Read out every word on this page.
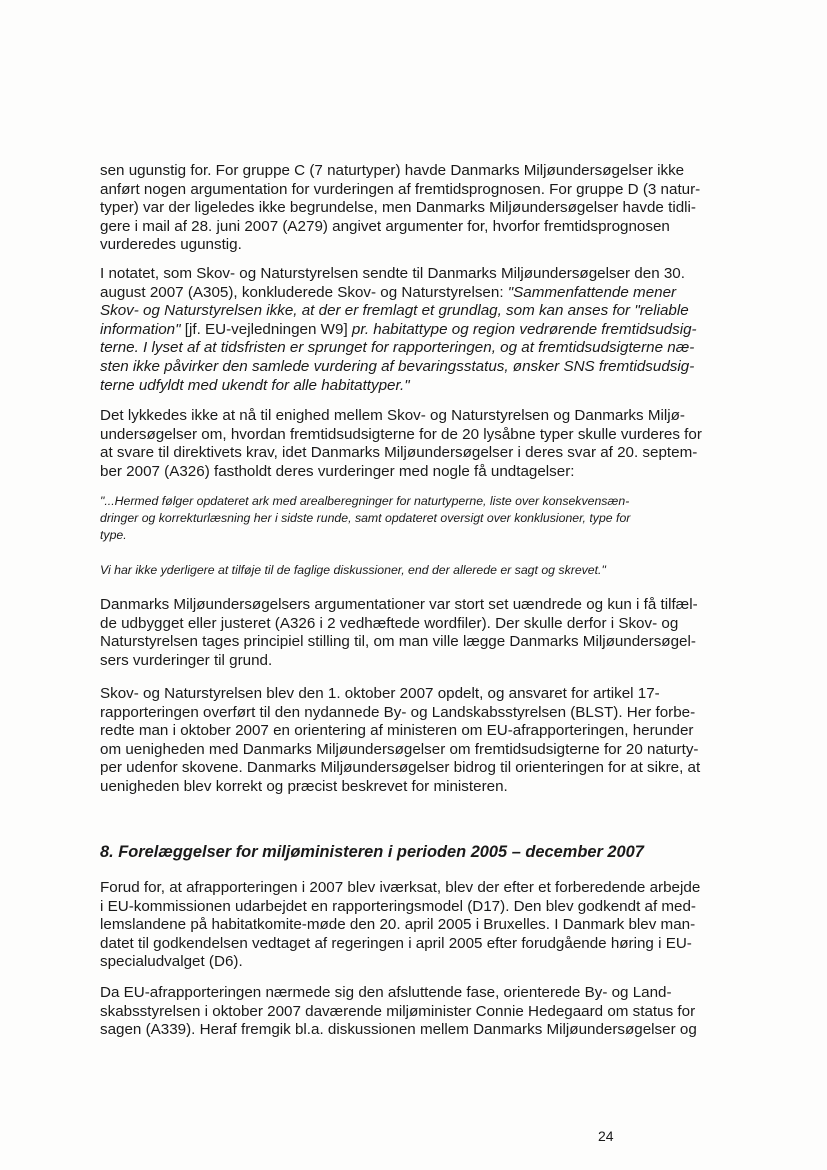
sen ugunstig for. For gruppe C (7 naturtyper) havde Danmarks Miljøundersøgelser ikke
anført nogen argumentation for vurderingen af fremtidsprognosen. For gruppe D (3 natur-
typer) var der ligeledes ikke begrundelse, men Danmarks Miljøundersøgelser havde tidli-
gere i mail af 28. juni 2007 (A279) angivet argumenter for, hvorfor fremtidsprognosen
vurderedes ugunstig.
I notatet, som Skov- og Naturstyrelsen sendte til Danmarks Miljøundersøgelser den 30.
august 2007 (A305), konkluderede Skov- og Naturstyrelsen: "Sammenfattende mener
Skov- og Naturstyrelsen ikke, at der er fremlagt et grundlag, som kan anses for "reliable
information" [jf. EU-vejledningen W9] pr. habitattype og region vedrørende fremtidsudsig-
terne. I lyset af at tidsfristen er sprunget for rapporteringen, og at fremtidsudsigterne næ-
sten ikke påvirker den samlede vurdering af bevaringsstatus, ønsker SNS fremtidsudsig-
terne udfyldt med ukendt for alle habitattyper."
Det lykkedes ikke at nå til enighed mellem Skov- og Naturstyrelsen og Danmarks Miljø-
undersøgelser om, hvordan fremtidsudsigterne for de 20 lysåbne typer skulle vurderes for
at svare til direktivets krav, idet Danmarks Miljøundersøgelser i deres svar af 20. septem-
ber 2007 (A326) fastholdt deres vurderinger med nogle få undtagelser:
"...Hermed følger opdateret ark med arealberegninger for naturtyperne, liste over konsekvensæn-
dringer og korrekturlæsning her i sidste runde, samt opdateret oversigt over konklusioner, type for
type.
Vi har ikke yderligere at tilføje til de faglige diskussioner, end der allerede er sagt og skrevet."
Danmarks Miljøundersøgelsers argumentationer var stort set uændrede og kun i få tilfæl-
de udbygget eller justeret (A326 i 2 vedhæftede wordfiler). Der skulle derfor i Skov- og
Naturstyrelsen tages principiel stilling til, om man ville lægge Danmarks Miljøundersøgel-
sers vurderinger til grund.
Skov- og Naturstyrelsen blev den 1. oktober 2007 opdelt, og ansvaret for artikel 17-
rapporteringen overført til den nydannede By- og Landskabsstyrelsen (BLST). Her forbe-
redte man i oktober 2007 en orientering af ministeren om EU-afrapporteringen, herunder
om uenigheden med Danmarks Miljøundersøgelser om fremtidsudsigterne for 20 naturty-
per udenfor skovene. Danmarks Miljøundersøgelser bidrog til orienteringen for at sikre, at
uenigheden blev korrekt og præcist beskrevet for ministeren.
8. Forelæggelser for miljøministeren i perioden 2005 – december 2007
Forud for, at afrapporteringen i 2007 blev iværksat, blev der efter et forberedende arbejde
i EU-kommissionen udarbejdet en rapporteringsmodel (D17). Den blev godkendt af med-
lemslandene på habitatkomite-møde den 20. april 2005 i Bruxelles. I Danmark blev man-
datet til godkendelsen vedtaget af regeringen i april 2005 efter forudgående høring i EU-
specialudvalget (D6).
Da EU-afrapporteringen nærmede sig den afsluttende fase, orienterede By- og Land-
skabsstyrelsen i oktober 2007 daværende miljøminister Connie Hedegaard om status for
sagen (A339). Heraf fremgik bl.a. diskussionen mellem Danmarks Miljøundersøgelser og
24
